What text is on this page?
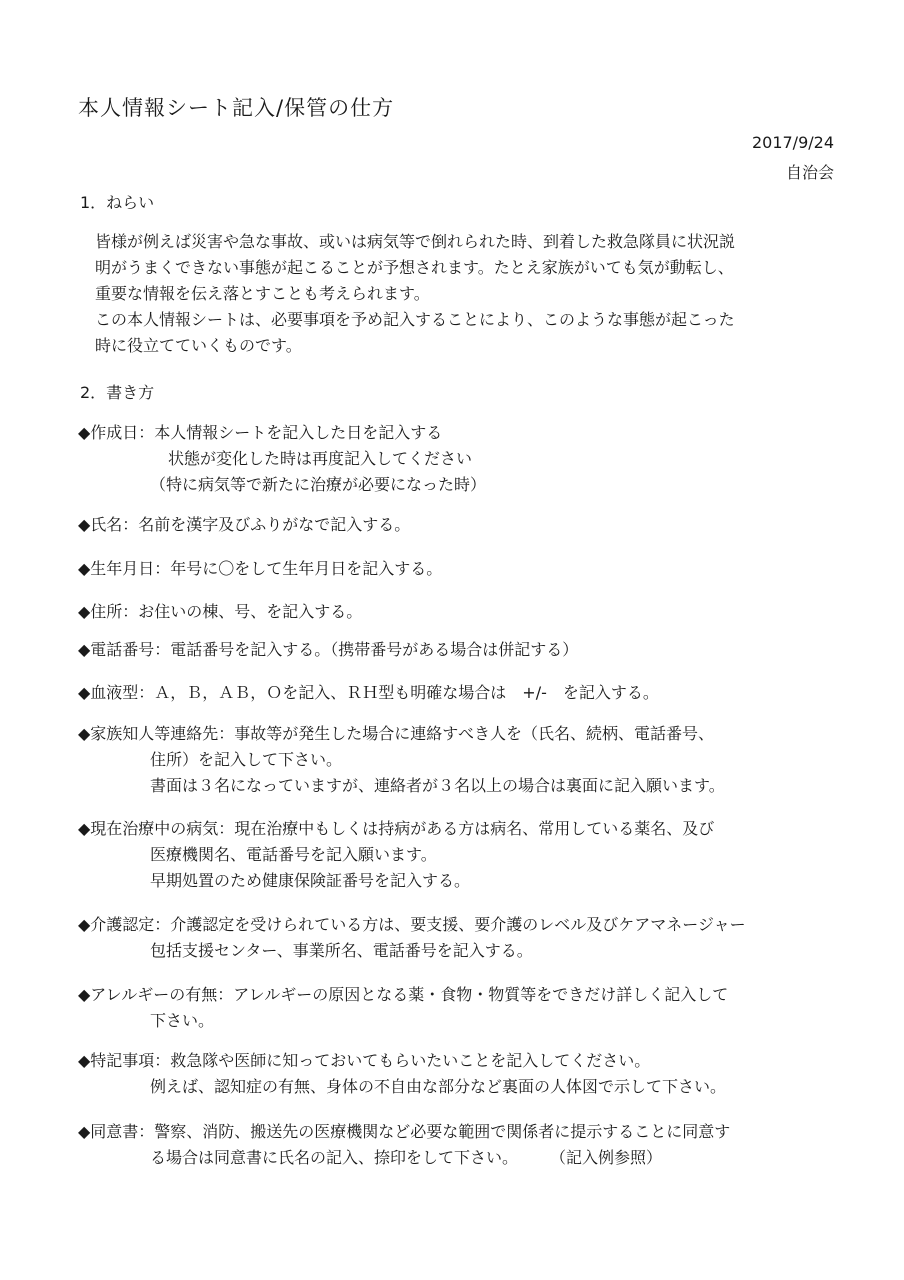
本人情報シート記入/保管の仕方
2017/9/24
自治会
1．ねらい
皆様が例えば災害や急な事故、或いは病気等で倒れられた時、到着した救急隊員に状況説
明がうまくできない事態が起こることが予想されます。たとえ家族がいても気が動転し、
重要な情報を伝え落とすことも考えられます。
この本人情報シートは、必要事項を予め記入することにより、このような事態が起こった
時に役立てていくものです。
2．書き方
◆作成日：本人情報シートを記入した日を記入する
状態が変化した時は再度記入してください
（特に病気等で新たに治療が必要になった時）
◆氏名：名前を漢字及びふりがなで記入する。
◆生年月日：年号に〇をして生年月日を記入する。
◆住所：お住いの棟、号、を記入する。
◆電話番号：電話番号を記入する。（携帯番号がある場合は併記する）
◆血液型：Ａ，Ｂ，ＡＢ，Ｏを記入、ＲＨ型も明確な場合は　+/-　を記入する。
◆家族知人等連絡先：事故等が発生した場合に連絡すべき人を（氏名、続柄、電話番号、
住所）を記入して下さい。
書面は３名になっていますが、連絡者が３名以上の場合は裏面に記入願います。
◆現在治療中の病気：現在治療中もしくは持病がある方は病名、常用している薬名、及び
医療機関名、電話番号を記入願います。
早期処置のため健康保険証番号を記入する。
◆介護認定：介護認定を受けられている方は、要支援、要介護のレベル及びケアマネージャー
包括支援センター、事業所名、電話番号を記入する。
◆アレルギーの有無：アレルギーの原因となる薬・食物・物質等をできだけ詳しく記入して
下さい。
◆特記事項：救急隊や医師に知っておいてもらいたいことを記入してください。
例えば、認知症の有無、身体の不自由な部分など裏面の人体図で示して下さい。
◆同意書：警察、消防、搬送先の医療機関など必要な範囲で関係者に提示することに同意す
る場合は同意書に氏名の記入、捺印をして下さい。　　　（記入例参照）
